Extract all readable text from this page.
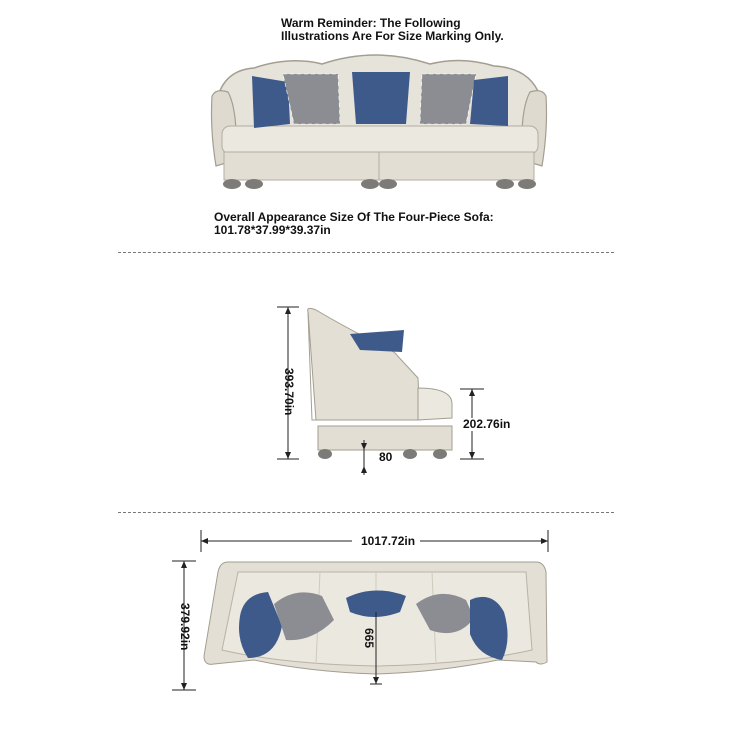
Warm Reminder: The Following
Illustrations Are For Size Marking Only.
Overall Appearance Size Of The Four-Piece Sofa:
101.78*37.99*39.37in
393.70in
202.76in
80
1017.72in
379.92in	665
